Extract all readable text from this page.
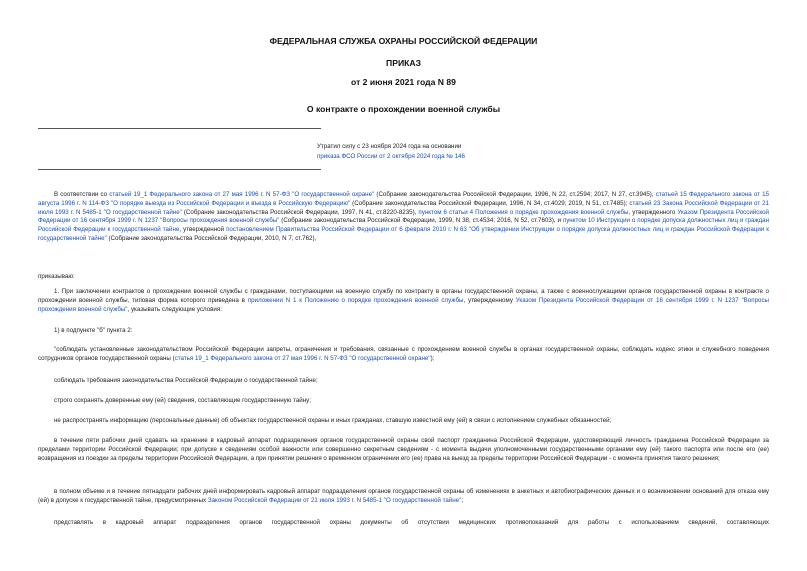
ФЕДЕРАЛЬНАЯ СЛУЖБА ОХРАНЫ РОССИЙСКОЙ ФЕДЕРАЦИИ
ПРИКАЗ
от 2 июня 2021 года N 89
О контракте о прохождении военной службы
Утратил силу с 23 ноября 2024 года на основании
приказа ФСО России от 2 октября 2024 года № 146
В соответствии со статьей 19_1 Федерального закона от 27 мая 1996 г. N 57-ФЗ "О государственной охране" (Собрание законодательства Российской Федерации, 1996, N 22, ст.2594; 2017, N 27, ст.3945), статьей 15 Федерального закона от 15 августа 1996 г. N 114-ФЗ "О порядке выезда из Российской Федерации и въезда в Российскую Федерацию" (Собрание законодательства Российской Федерации, 1996, N 34, ст.4029; 2019, N 51, ст.7485); статьей 23 Закона Российской Федерации от 21 июля 1993 г. N 5485-1 "О государственной тайне" (Собрание законодательства Российской Федерации, 1997, N 41, ст.8220-8235), пунктом 6 статьи 4 Положения о порядке прохождения военной службы, утвержденного Указом Президента Российской Федерации от 16 сентября 1999 г. N 1237 "Вопросы прохождения военной службы" (Собрание законодательства Российской Федерации, 1999, N 38, ст.4534; 2016, N 52, ст.7603), и пунктом 10 Инструкции о порядке допуска должностных лиц и граждан Российской Федерации к государственной тайне, утвержденной постановлением Правительства Российской Федерации от 6 февраля 2010 г. N 63 "Об утверждении Инструкции о порядке допуска должностных лиц и граждан Российской Федерации к государственной тайне" (Собрание законодательства Российской Федерации, 2010, N 7, ст.762),
приказываю:
1. При заключении контрактов о прохождении военной службы с гражданами, поступающими на военную службу по контракту в органы государственной охраны, а также с военнослужащими органов государственной охраны в контракте о прохождении военной службы, типовая форма которого приведена в приложении N 1 к Положению о порядке прохождения военной службы, утвержденному Указом Президента Российской Федерации от 16 сентября 1999 г. N 1237 "Вопросы прохождения военной службы", указывать следующие условия:
1) в подпункте "б" пункта 2:
"соблюдать установленные законодательством Российской Федерации запреты, ограничения и требования, связанные с прохождением военной службы в органах государственной охраны, соблюдать кодекс этики и служебного поведения сотрудников органов государственной охраны (статья 19_1 Федерального закона от 27 мая 1996 г. N 57-ФЗ "О государственной охране");
соблюдать требования законодательства Российской Федерации о государственной тайне;
строго сохранять доверенные ему (ей) сведения, составляющие государственную тайну;
не распространять информацию (персональные данные) об объектах государственной охраны и иных гражданах, ставшую известной ему (ей) в связи с исполнением служебных обязанностей;
в течение пяти рабочих дней сдавать на хранение в кадровый аппарат подразделения органов государственной охраны свой паспорт гражданина Российской Федерации, удостоверяющий личность гражданина Российской Федерации за пределами территории Российской Федерации; при допуске к сведениям особой важности или совершенно секретным сведениям - с момента выдачи уполномоченными государственными органами ему (ей) такого паспорта или после его (ее) возвращения из поездки за пределы территории Российской Федерации, а при принятии решения о временном ограничении его (ее) права на выезд за пределы территории Российской Федерации - с момента принятия такого решения;
в полном объеме и в течение пятнадцати рабочих дней информировать кадровый аппарат подразделения органов государственной охраны об изменениях в анкетных и автобиографических данных и о возникновении оснований для отказа ему (ей) в допуске к государственной тайне, предусмотренных Законом Российской Федерации от 21 июля 1993 г. N 5485-1 "О государственной тайне";
представлять в кадровый аппарат подразделения органов государственной охраны документы об отсутствии медицинских противопоказаний для работы с использованием сведений, составляющих
